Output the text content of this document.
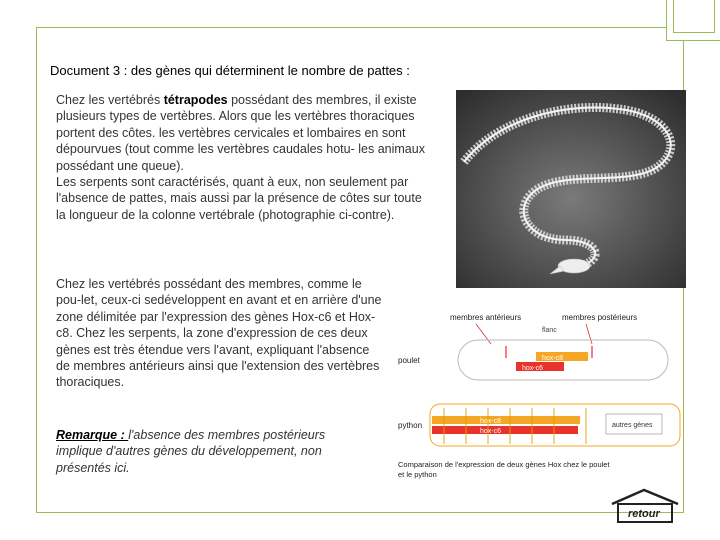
Document 3 : des gènes qui déterminent le nombre de pattes :

Chez les vertébrés tétrapodes possédant des membres, il existe plusieurs types de vertèbres. Alors que les vertèbres thoraciques portent des côtes. les vertèbres cervicales et lombaires en sont dépourvues (tout comme les vertèbres caudales hotu- les animaux possédant une queue).
Les serpents sont caractérisés, quant à eux, non seulement par l'absence de pattes, mais aussi par la présence de côtes sur toute la longueur de la colonne vertébrale (photographie ci-contre).

Chez les vertébrés possédant des membres, comme le pou-let, ceux-ci sedéveloppent en avant et en arrière d'une zone délimitée par l'expression des gènes Hox-c6 et Hox-c8. Chez les serpents, la zone d'expression de ces deux gènes est très étendue vers l'avant, expliquant l'absence de membres antérieurs ainsi que l'extension des vertèbres thoraciques.

Remarque : l'absence des membres postérieurs implique d'autres gènes du développement, non présentés ici.

membres antérieurs	membres postérieurs
flanc
poulet	hox-c8
hox-c6
python	hox-c8
hox-c6
autres gènes
Comparaison de l'expression de deux gènes Hox chez le poulet et le python
retour
